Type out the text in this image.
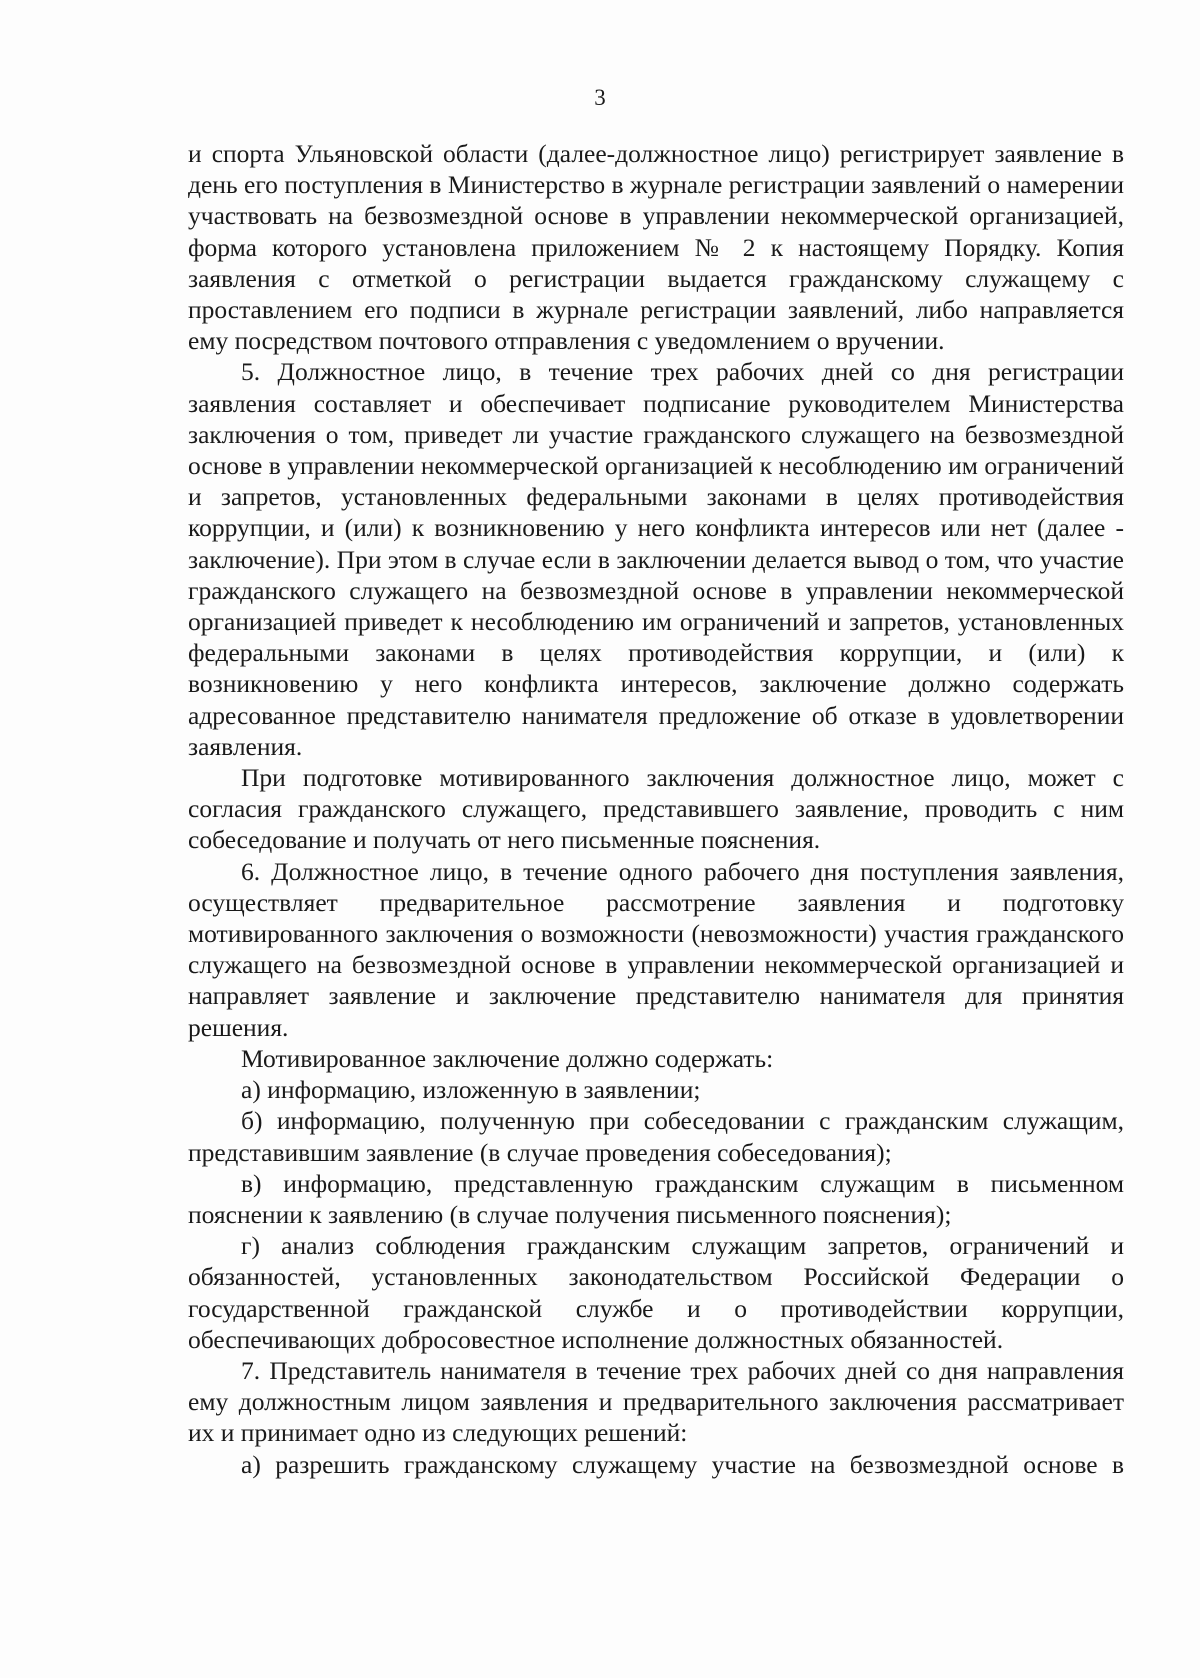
3

и спорта Ульяновской области (далее-должностное лицо) регистрирует заявление в день его поступления в Министерство в журнале регистрации заявлений о намерении участвовать на безвозмездной основе в управлении некоммерческой организацией, форма которого установлена приложением № 2 к настоящему Порядку. Копия заявления с отметкой о регистрации выдается гражданскому служащему с проставлением его подписи в журнале регистрации заявлений, либо направляется ему посредством почтового отправления с уведомлением о вручении.

5. Должностное лицо, в течение трех рабочих дней со дня регистрации заявления составляет и обеспечивает подписание руководителем Министерства заключения о том, приведет ли участие гражданского служащего на безвозмездной основе в управлении некоммерческой организацией к несоблюдению им ограничений и запретов, установленных федеральными законами в целях противодействия коррупции, и (или) к возникновению у него конфликта интересов или нет (далее - заключение). При этом в случае если в заключении делается вывод о том, что участие гражданского служащего на безвозмездной основе в управлении некоммерческой организацией приведет к несоблюдению им ограничений и запретов, установленных федеральными законами в целях противодействия коррупции, и (или) к возникновению у него конфликта интересов, заключение должно содержать адресованное представителю нанимателя предложение об отказе в удовлетворении заявления.

При подготовке мотивированного заключения должностное лицо, может с согласия гражданского служащего, представившего заявление, проводить с ним собеседование и получать от него письменные пояснения.

6. Должностное лицо, в течение одного рабочего дня поступления заявления, осуществляет предварительное рассмотрение заявления и подготовку мотивированного заключения о возможности (невозможности) участия гражданского служащего на безвозмездной основе в управлении некоммерческой организацией и направляет заявление и заключение представителю нанимателя для принятия решения.

Мотивированное заключение должно содержать:

а) информацию, изложенную в заявлении;

б) информацию, полученную при собеседовании с гражданским служащим, представившим заявление (в случае проведения собеседования);

в) информацию, представленную гражданским служащим в письменном пояснении к заявлению (в случае получения письменного пояснения);

г) анализ соблюдения гражданским служащим запретов, ограничений и обязанностей, установленных законодательством Российской Федерации о государственной гражданской службе и о противодействии коррупции, обеспечивающих добросовестное исполнение должностных обязанностей.

7. Представитель нанимателя в течение трех рабочих дней со дня направления ему должностным лицом заявления и предварительного заключения рассматривает их и принимает одно из следующих решений:

а) разрешить гражданскому служащему участие на безвозмездной основе в
